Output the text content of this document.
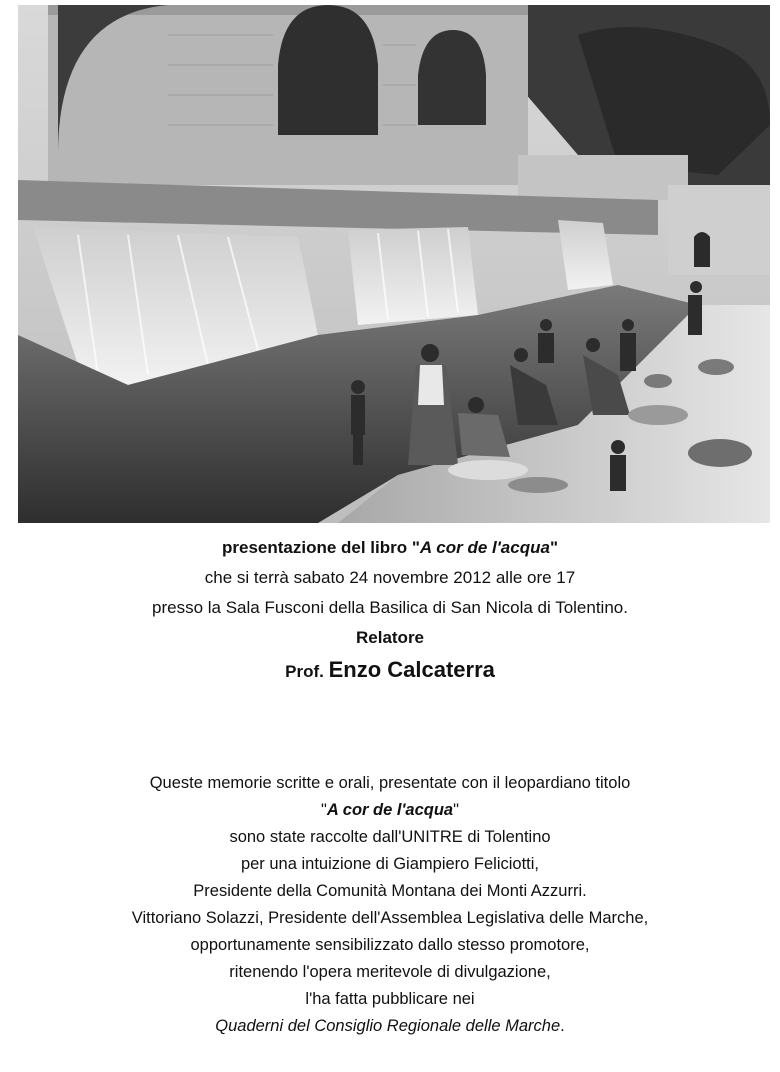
presentazione del libro "A cor de l'acqua"

che si terrà sabato 24 novembre 2012 alle ore 17

presso la Sala Fusconi della Basilica di San Nicola di Tolentino.

Relatore

Prof. Enzo Calcaterra

Queste memorie scritte e orali, presentate con il leopardiano titolo

"A cor de l'acqua"

sono state raccolte dall'UNITRE di Tolentino

per una intuizione di Giampiero Feliciotti,

Presidente della Comunità Montana dei Monti Azzurri.

Vittoriano Solazzi, Presidente dell'Assemblea Legislativa delle Marche,

opportunamente sensibilizzato dallo stesso promotore,

ritenendo l'opera meritevole di divulgazione,

l'ha fatta pubblicare nei

Quaderni del Consiglio Regionale delle Marche.
